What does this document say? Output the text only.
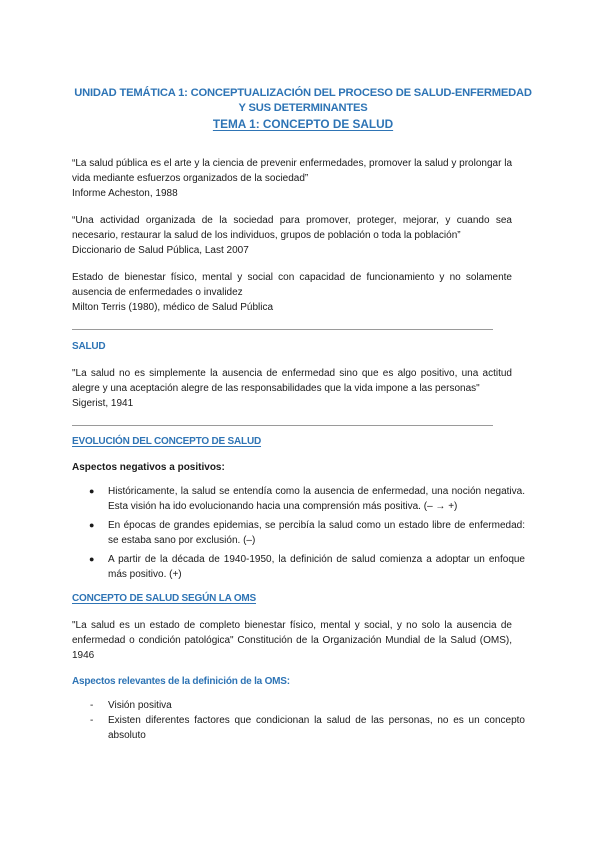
UNIDAD TEMÁTICA 1: CONCEPTUALIZACIÓN DEL PROCESO DE SALUD-ENFERMEDAD Y SUS DETERMINANTES
TEMA 1: CONCEPTO DE SALUD

“La salud pública es el arte y la ciencia de prevenir enfermedades, promover la salud y prolongar la vida mediante esfuerzos organizados de la sociedad”

Informe Acheston, 1988

“Una actividad organizada de la sociedad para promover, proteger, mejorar, y cuando sea necesario, restaurar la salud de los individuos, grupos de población o toda la población”

Diccionario de Salud Pública, Last 2007

Estado de bienestar físico, mental y social con capacidad de funcionamiento y no solamente ausencia de enfermedades o invalidez

Milton Terris (1980), médico de Salud Pública

SALUD

"La salud no es simplemente la ausencia de enfermedad sino que es algo positivo, una actitud alegre y una aceptación alegre de las responsabilidades que la vida impone a las personas"

Sigerist, 1941

EVOLUCIÓN DEL CONCEPTO DE SALUD

Aspectos negativos a positivos:

● Históricamente, la salud se entendía como la ausencia de enfermedad, una noción negativa. Esta visión ha ido evolucionando hacia una comprensión más positiva. (– → +)
● En épocas de grandes epidemias, se percibía la salud como un estado libre de enfermedad: se estaba sano por exclusión. (–)
● A partir de la década de 1940-1950, la definición de salud comienza a adoptar un enfoque más positivo. (+)
CONCEPTO DE SALUD SEGÚN LA OMS

"La salud es un estado de completo bienestar físico, mental y social, y no solo la ausencia de enfermedad o condición patológica" Constitución de la Organización Mundial de la Salud (OMS), 1946

Aspectos relevantes de la definición de la OMS:

- Visión positiva
- Existen diferentes factores que condicionan la salud de las personas, no es un concepto absoluto
